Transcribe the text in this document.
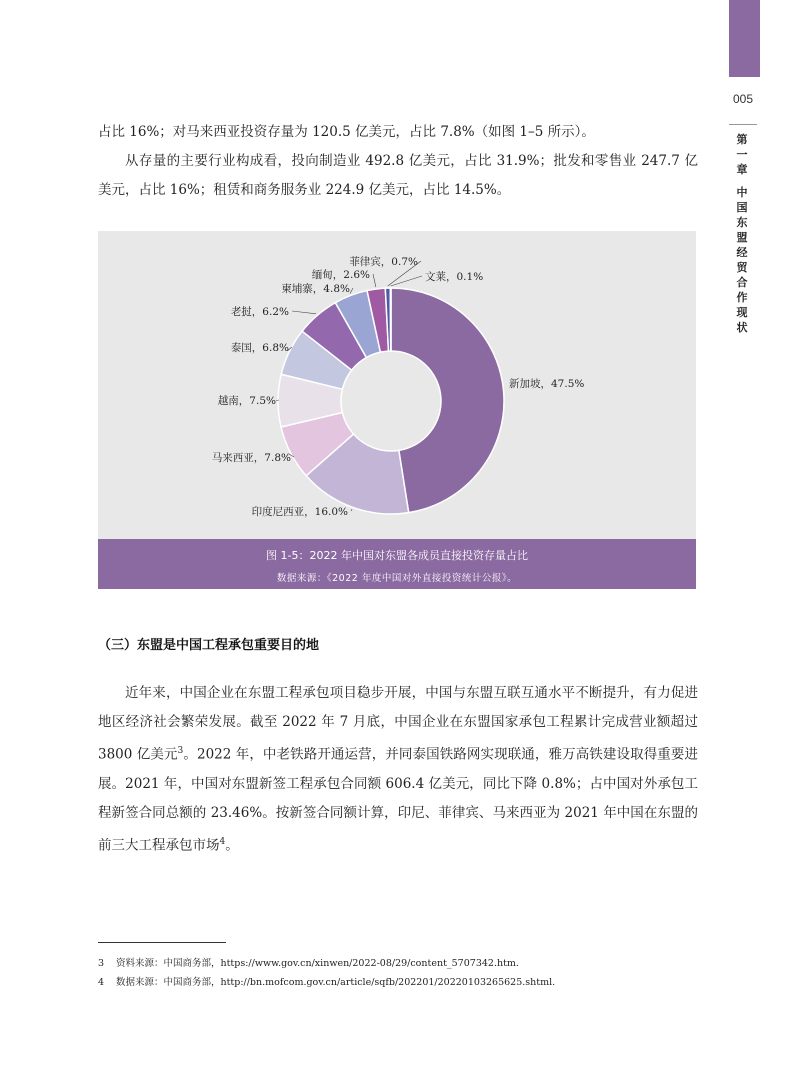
005
第一章
中国东盟经贸合作现状

占比 16%；对马来西亚投资存量为 120.5 亿美元，占比 7.8%（如图 1–5 所示）。

从存量的主要行业构成看，投向制造业 492.8 亿美元，占比 31.9%；批发和零售业 247.7 亿美元，占比 16%；租赁和商务服务业 224.9 亿美元，占比 14.5%。

新加坡，47.5%
印度尼西亚，16.0%
马来西亚，7.8%
越南，7.5%
泰国，6.8%
老挝，6.2%
柬埔寨，4.8%
缅甸，2.6%
菲律宾，0.7%
文莱，0.1%
图 1-5：2022 年中国对东盟各成员直接投资存量占比
数据来源：《2022 年度中国对外直接投资统计公报》。
（三）东盟是中国工程承包重要目的地

近年来，中国企业在东盟工程承包项目稳步开展，中国与东盟互联互通水平不断提升，有力促进地区经济社会繁荣发展。截至 2022 年 7 月底，中国企业在东盟国家承包工程累计完成营业额超过 3800 亿美元$^3$。2022 年，中老铁路开通运营，并同泰国铁路网实现联通，雅万高铁建设取得重要进展。2021 年，中国对东盟新签工程承包合同额 606.4 亿美元，同比下降 0.8%；占中国对外承包工程新签合同总额的 23.46%。按新签合同额计算，印尼、菲律宾、马来西亚为 2021 年中国在东盟的前三大工程承包市场$^4$。

3 资料来源：中国商务部，https://www.gov.cn/xinwen/2022-08/29/content_5707342.htm.
4 数据来源：中国商务部，http://bn.mofcom.gov.cn/article/sqfb/202201/20220103265625.shtml.
